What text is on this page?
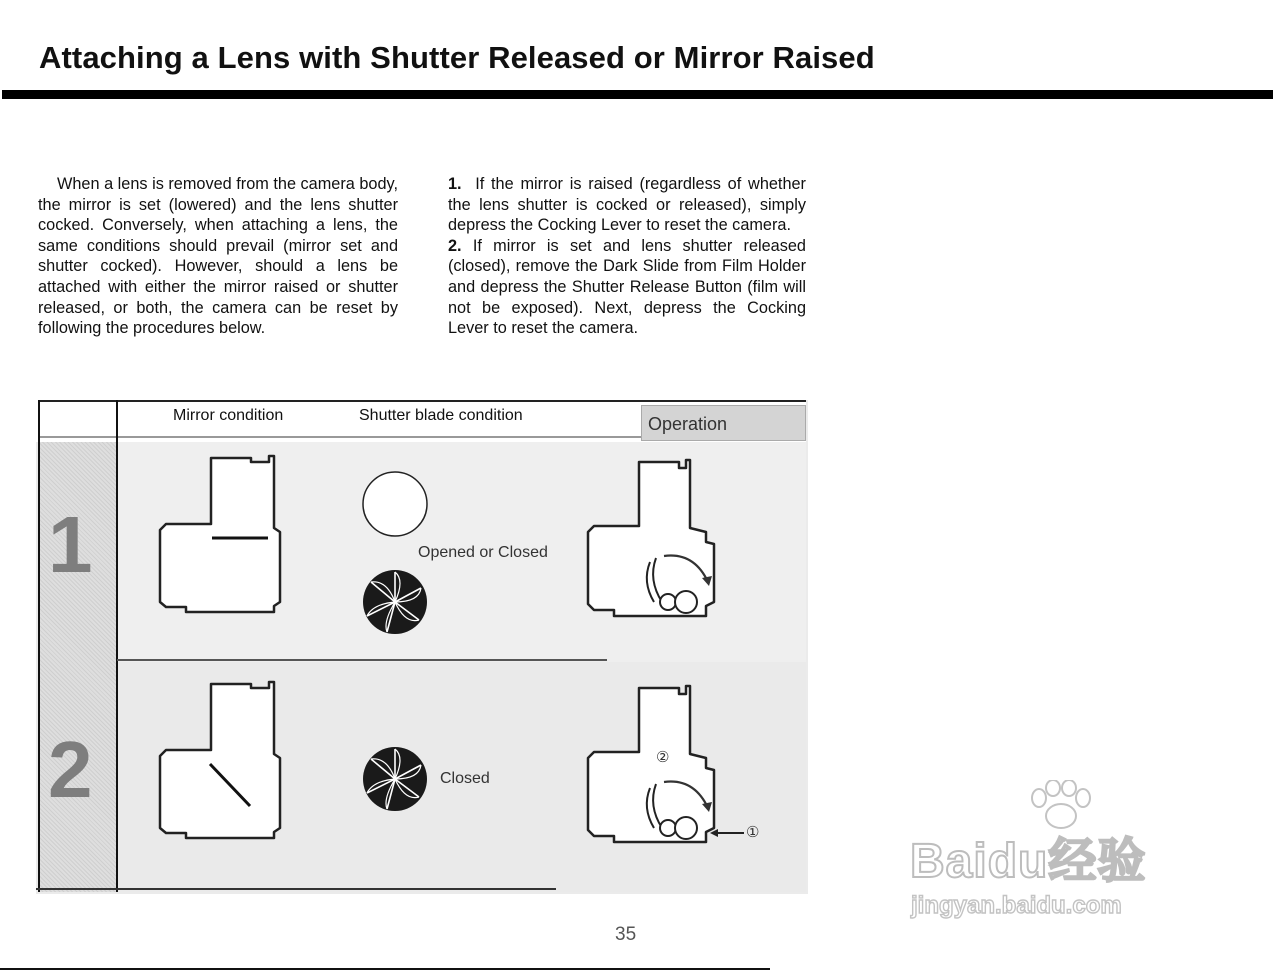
Attaching a Lens with Shutter Released or Mirror Raised

When a lens is removed from the camera body, the mirror is set (lowered) and the lens shutter cocked. Conversely, when attaching a lens, the same conditions should prevail (mirror set and shutter cocked). However, should a lens be attached with either the mirror raised or shutter released, or both, the camera can be reset by following the procedures below.

1. If the mirror is raised (regardless of whether the lens shutter is cocked or released), simply depress the Cocking Lever to reset the camera.

2. If mirror is set and lens shutter released (closed), remove the Dark Slide from Film Holder and depress the Shutter Release Button (film will not be exposed). Next, depress the Cocking Lever to reset the camera.

Mirror condition	Shutter blade condition	Operation
1
2
Opened or Closed
Closed
②
①
35
Baidu经验
jingyan.baidu.com
